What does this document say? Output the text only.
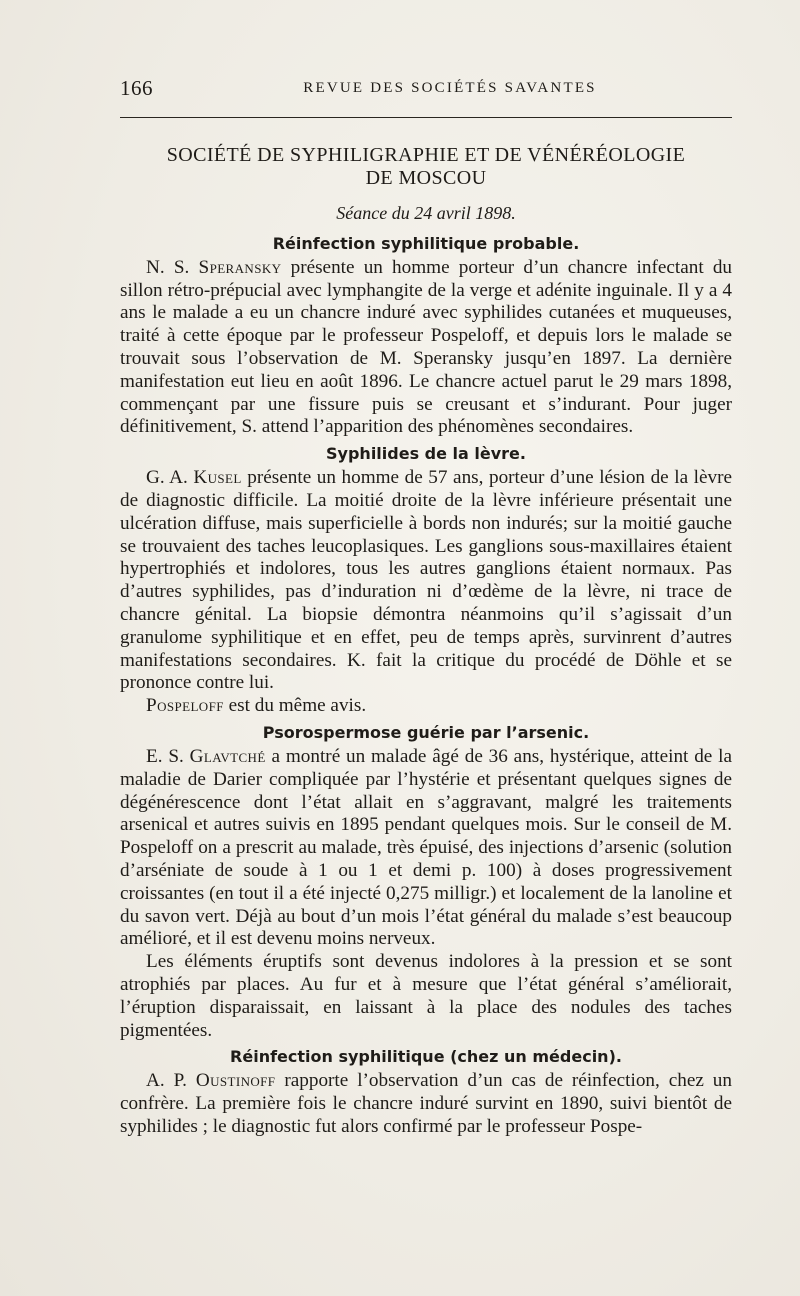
166	REVUE DES SOCIÉTÉS SAVANTES
SOCIÉTÉ DE SYPHILIGRAPHIE ET DE VÉNÉRÉOLOGIE
DE MOSCOU
Séance du 24 avril 1898.
Réinfection syphilitique probable.

N. S. Speransky présente un homme porteur d’un chancre infectant du sillon rétro-prépucial avec lymphangite de la verge et adénite inguinale. Il y a 4 ans le malade a eu un chancre induré avec syphilides cutanées et muqueuses, traité à cette époque par le professeur Pospeloff, et depuis lors le malade se trouvait sous l’observation de M. Speransky jusqu’en 1897. La dernière manifestation eut lieu en août 1896. Le chancre actuel parut le 29 mars 1898, commençant par une fissure puis se creusant et s’indurant. Pour juger définitivement, S. attend l’apparition des phénomènes secondaires.

Syphilides de la lèvre.

G. A. Kusel présente un homme de 57 ans, porteur d’une lésion de la lèvre de diagnostic difficile. La moitié droite de la lèvre inférieure présentait une ulcération diffuse, mais superficielle à bords non indurés; sur la moitié gauche se trouvaient des taches leucoplasiques. Les ganglions sous-maxillaires étaient hypertrophiés et indolores, tous les autres ganglions étaient normaux. Pas d’autres syphilides, pas d’induration ni d’œdème de la lèvre, ni trace de chancre génital. La biopsie démontra néanmoins qu’il s’agissait d’un granulome syphilitique et en effet, peu de temps après, survinrent d’autres manifestations secondaires. K. fait la critique du procédé de Döhle et se prononce contre lui.

Pospeloff est du même avis.

Psorospermose guérie par l’arsenic.

E. S. Glavtché a montré un malade âgé de 36 ans, hystérique, atteint de la maladie de Darier compliquée par l’hystérie et présentant quelques signes de dégénérescence dont l’état allait en s’aggravant, malgré les traitements arsenical et autres suivis en 1895 pendant quelques mois. Sur le conseil de M. Pospeloff on a prescrit au malade, très épuisé, des injections d’arsenic (solution d’arséniate de soude à 1 ou 1 et demi p. 100) à doses progressivement croissantes (en tout il a été injecté 0,275 milligr.) et localement de la lanoline et du savon vert. Déjà au bout d’un mois l’état général du malade s’est beaucoup amélioré, et il est devenu moins nerveux.

Les éléments éruptifs sont devenus indolores à la pression et se sont atrophiés par places. Au fur et à mesure que l’état général s’améliorait, l’éruption disparaissait, en laissant à la place des nodules des taches pigmentées.

Réinfection syphilitique (chez un médecin).

A. P. Oustinoff rapporte l’observation d’un cas de réinfection, chez un confrère. La première fois le chancre induré survint en 1890, suivi bientôt de syphilides ; le diagnostic fut alors confirmé par le professeur Pospe-
